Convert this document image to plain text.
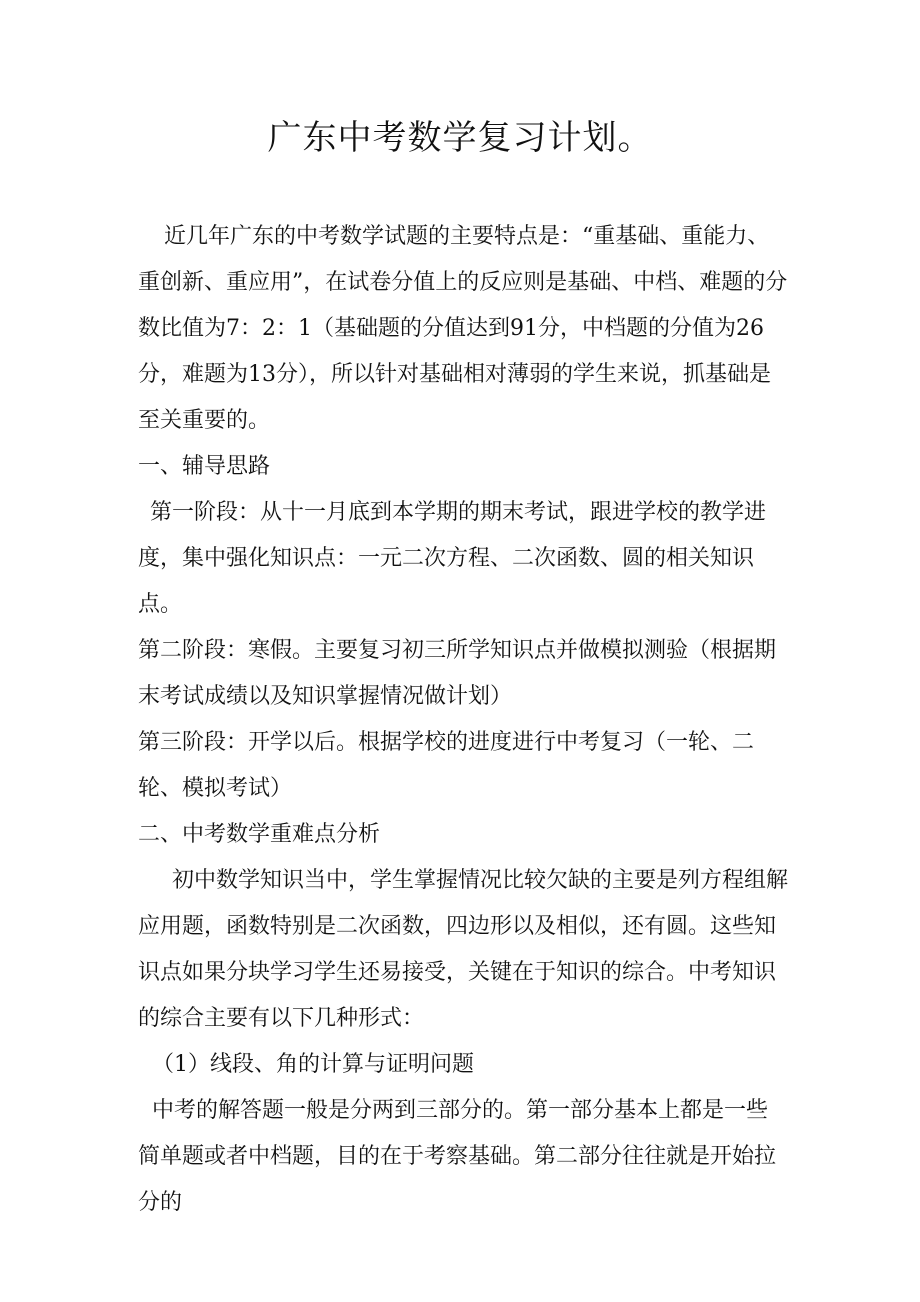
广东中考数学复习计划。

近几年广东的中考数学试题的主要特点是：“重基础、重能力、重创新、重应用”，在试卷分值上的反应则是基础、中档、难题的分数比值为7：2：1（基础题的分值达到91分，中档题的分值为26分，难题为13分），所以针对基础相对薄弱的学生来说，抓基础是至关重要的。

一、辅导思路

第一阶段：从十一月底到本学期的期末考试，跟进学校的教学进度，集中强化知识点：一元二次方程、二次函数、圆的相关知识点。

第二阶段：寒假。主要复习初三所学知识点并做模拟测验（根据期末考试成绩以及知识掌握情况做计划）

第三阶段：开学以后。根据学校的进度进行中考复习（一轮、二轮、模拟考试）

二、中考数学重难点分析

初中数学知识当中，学生掌握情况比较欠缺的主要是列方程组解应用题，函数特别是二次函数，四边形以及相似，还有圆。这些知识点如果分块学习学生还易接受，关键在于知识的综合。中考知识的综合主要有以下几种形式：

（1）线段、角的计算与证明问题

中考的解答题一般是分两到三部分的。第一部分基本上都是一些简单题或者中档题，目的在于考察基础。第二部分往往就是开始拉分的
